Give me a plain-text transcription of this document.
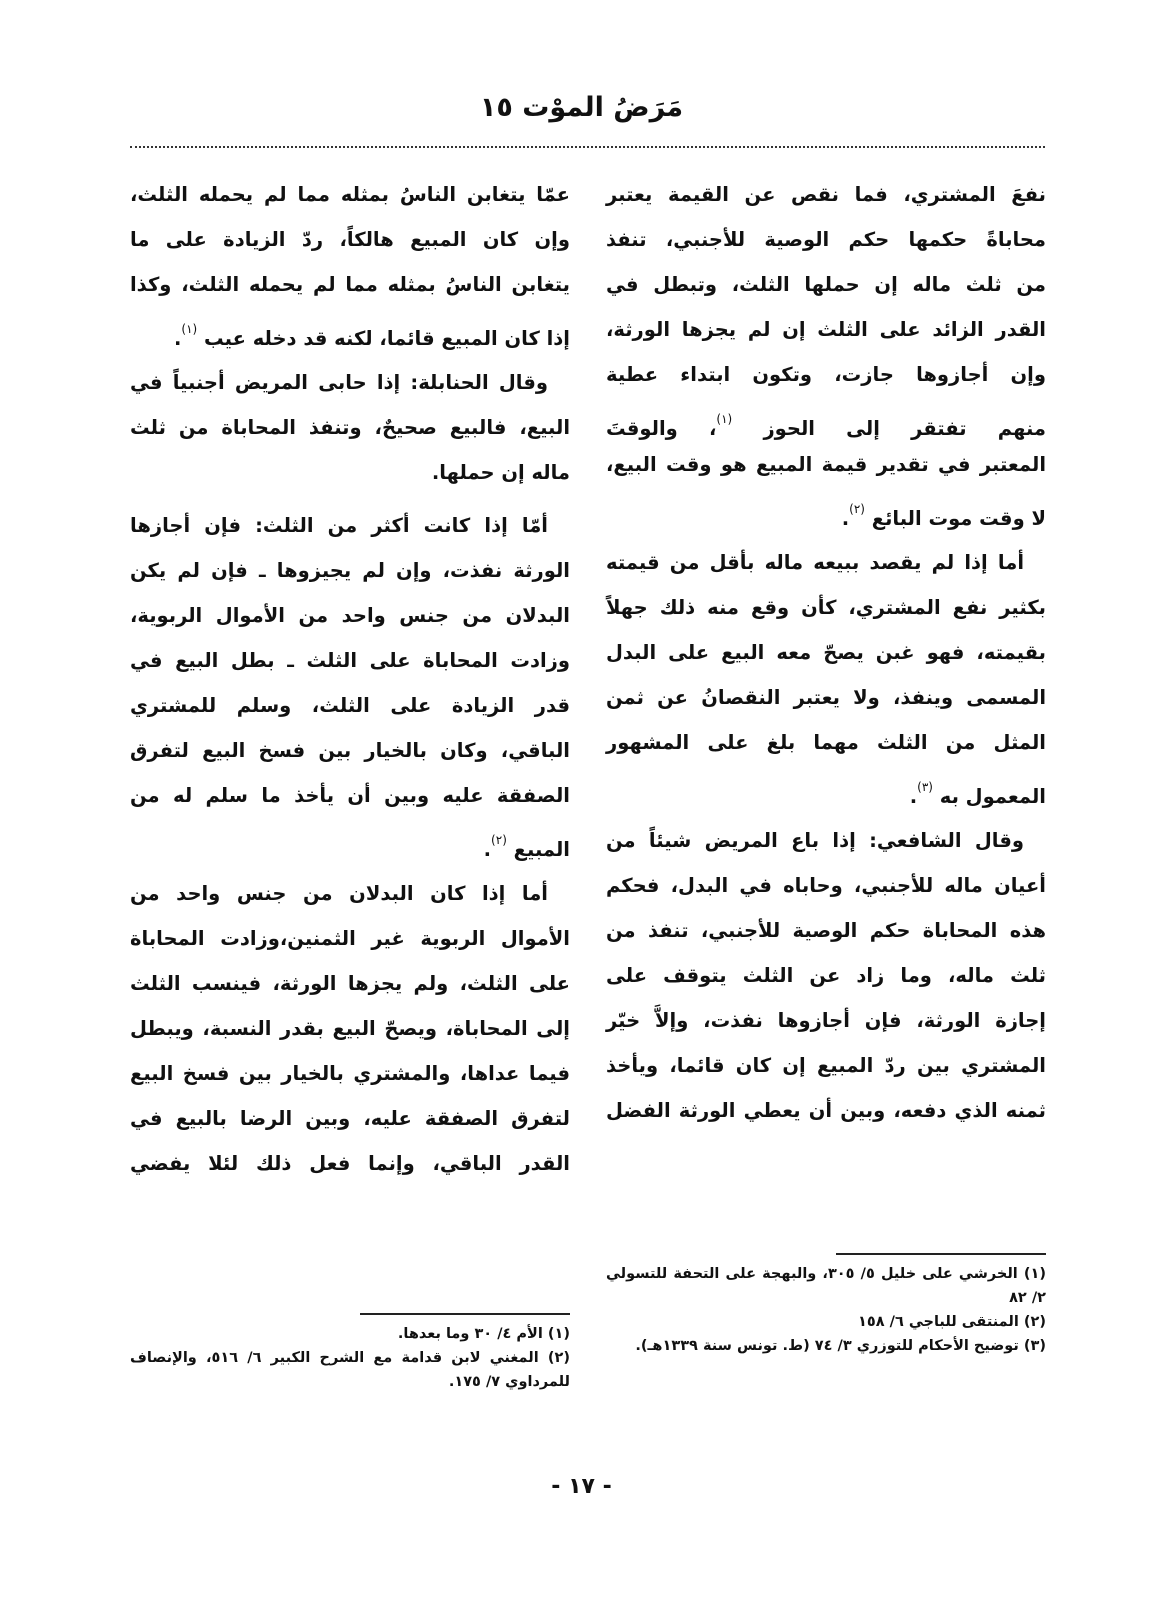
مَرَضُ الموْت ١٥
نفعَ المشتري، فما نقص عن القيمة يعتبر
محاباةً حكمها حكم الوصية للأجنبي، تنفذ
من ثلث ماله إن حملها الثلث، وتبطل في
القدر الزائد على الثلث إن لم يجزها الورثة،
وإن أجازوها جازت، وتكون ابتداء عطية
منهم تفتقر إلى الحوز $^{(١)}$، والوقتَ
المعتبر في تقدير قيمة المبيع هو وقت البيع،
لا وقت موت البائع $^{(٢)}$.
أما إذا لم يقصد ببيعه ماله بأقل من قيمته
بكثير نفع المشتري، كأن وقع منه ذلك جهلاً
بقيمته، فهو غبن يصحّ معه البيع على البدل
المسمى وينفذ، ولا يعتبر النقصانُ عن ثمن
المثل من الثلث مهما بلغ على المشهور
المعمول به $^{(٣)}$.
وقال الشافعي: إذا باع المريض شيئاً من
أعيان ماله للأجنبي، وحاباه في البدل، فحكم
هذه المحاباة حكم الوصية للأجنبي، تنفذ من
ثلث ماله، وما زاد عن الثلث يتوقف على
إجازة الورثة، فإن أجازوها نفذت، وإلاَّ خيّر
المشتري بين ردّ المبيع إن كان قائما، ويأخذ
ثمنه الذي دفعه، وبين أن يعطي الورثة الفضل
عمّا يتغابن الناسُ بمثله مما لم يحمله الثلث،
وإن كان المبيع هالكاً، ردّ الزيادة على ما
يتغابن الناسُ بمثله مما لم يحمله الثلث، وكذا
إذا كان المبيع قائما، لكنه قد دخله عيب $^{(١)}$.
وقال الحنابلة: إذا حابى المريض أجنبياً في
البيع، فالبيع صحيحٌ، وتنفذ المحاباة من ثلث
ماله إن حملها.
أمّا إذا كانت أكثر من الثلث: فإن أجازها
الورثة نفذت، وإن لم يجيزوها ـ فإن لم يكن
البدلان من جنس واحد من الأموال الربوية،
وزادت المحاباة على الثلث ـ بطل البيع في
قدر الزيادة على الثلث، وسلم للمشتري
الباقي، وكان بالخيار بين فسخ البيع لتفرق
الصفقة عليه وبين أن يأخذ ما سلم له من
المبيع $^{(٢)}$.
أما إذا كان البدلان من جنس واحد من
الأموال الربوية غير الثمنين،وزادت المحاباة
على الثلث، ولم يجزها الورثة، فينسب الثلث
إلى المحاباة، ويصحّ البيع بقدر النسبة، ويبطل
فيما عداها، والمشتري بالخيار بين فسخ البيع
لتفرق الصفقة عليه، وبين الرضا بالبيع في
القدر الباقي، وإنما فعل ذلك لئلا يفضي
(١) الخرشي على خليل ٥/ ٣٠٥، والبهجة على التحفة للتسولي ٢/ ٨٢
(٢) المنتقى للباجي ٦/ ١٥٨
(٣) توضيح الأحكام للتوزري ٣/ ٧٤ (ط. تونس سنة ١٣٣٩هـ).
(١) الأم ٤/ ٣٠ وما بعدها.
(٢) المغني لابن قدامة مع الشرح الكبير ٦/ ٥١٦، والإنصاف للمرداوي ٧/ ١٧٥.
- ١٧ -
